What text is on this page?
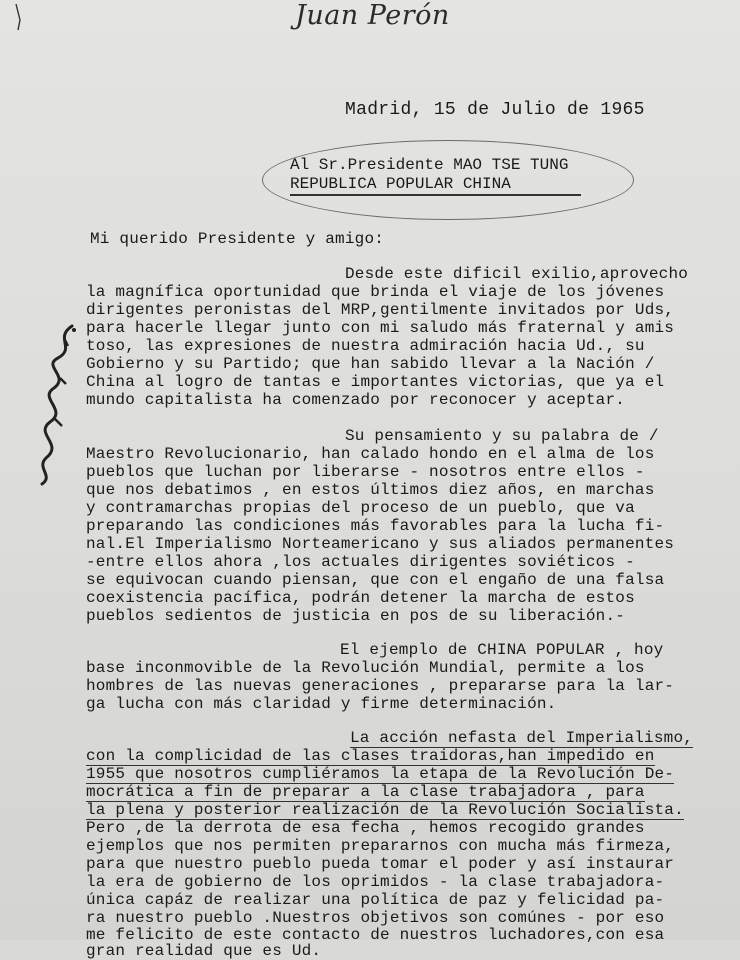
Juan Perón
Madrid, 15 de Julio de 1965
Al Sr.Presidente MAO TSE TUNG
REPUBLICA POPULAR CHINA
Mi querido Presidente y amigo:
Desde este dificil exilio,aprovecho
la magnífica oportunidad que brinda el viaje de los jóvenes
dirigentes peronistas del MRP,gentilmente invitados por Uds,
para hacerle llegar junto con mi saludo más fraternal y amis
toso, las expresiones de nuestra admiración hacia Ud., su
Gobierno y su Partido; que han sabido llevar a la Nación /
China al logro de tantas e importantes victorias, que ya el
mundo capitalista ha comenzado por reconocer y aceptar.
Su pensamiento y su palabra de /
Maestro Revolucionario, han calado hondo en el alma de los
pueblos que luchan por liberarse - nosotros entre ellos -
que nos debatimos , en estos últimos diez años, en marchas
y contramarchas propias del proceso de un pueblo, que va
preparando las condiciones más favorables para la lucha fi-
nal.El Imperialismo Norteamericano y sus aliados permanentes
-entre ellos ahora ,los actuales dirigentes soviéticos -
se equivocan cuando piensan, que con el engaño de una falsa
coexistencia pacífica, podrán detener la marcha de estos
pueblos sedientos de justicia en pos de su liberación.-
El ejemplo de CHINA POPULAR , hoy
base inconmovible de la Revolución Mundial, permite a los
hombres de las nuevas generaciones , prepararse para la lar-
ga lucha con más claridad y firme determinación.
La acción nefasta del Imperialismo,
con la complicidad de las clases traidoras,han impedido en
1955 que nosotros cumpliéramos la etapa de la Revolución De-
mocrática a fin de preparar a la clase trabajadora , para
la plena y posterior realización de la Revolución Socialista.
Pero ,de la derrota de esa fecha , hemos recogido grandes
ejemplos que nos permiten prepararnos con mucha más firmeza,
para que nuestro pueblo pueda tomar el poder y así instaurar
la era de gobierno de los oprimidos - la clase trabajadora-
única capáz de realizar una política de paz y felicidad pa-
ra nuestro pueblo .Nuestros objetivos son comúnes - por eso
me felicito de este contacto de nuestros luchadores,con esa
gran realidad que es Ud.
